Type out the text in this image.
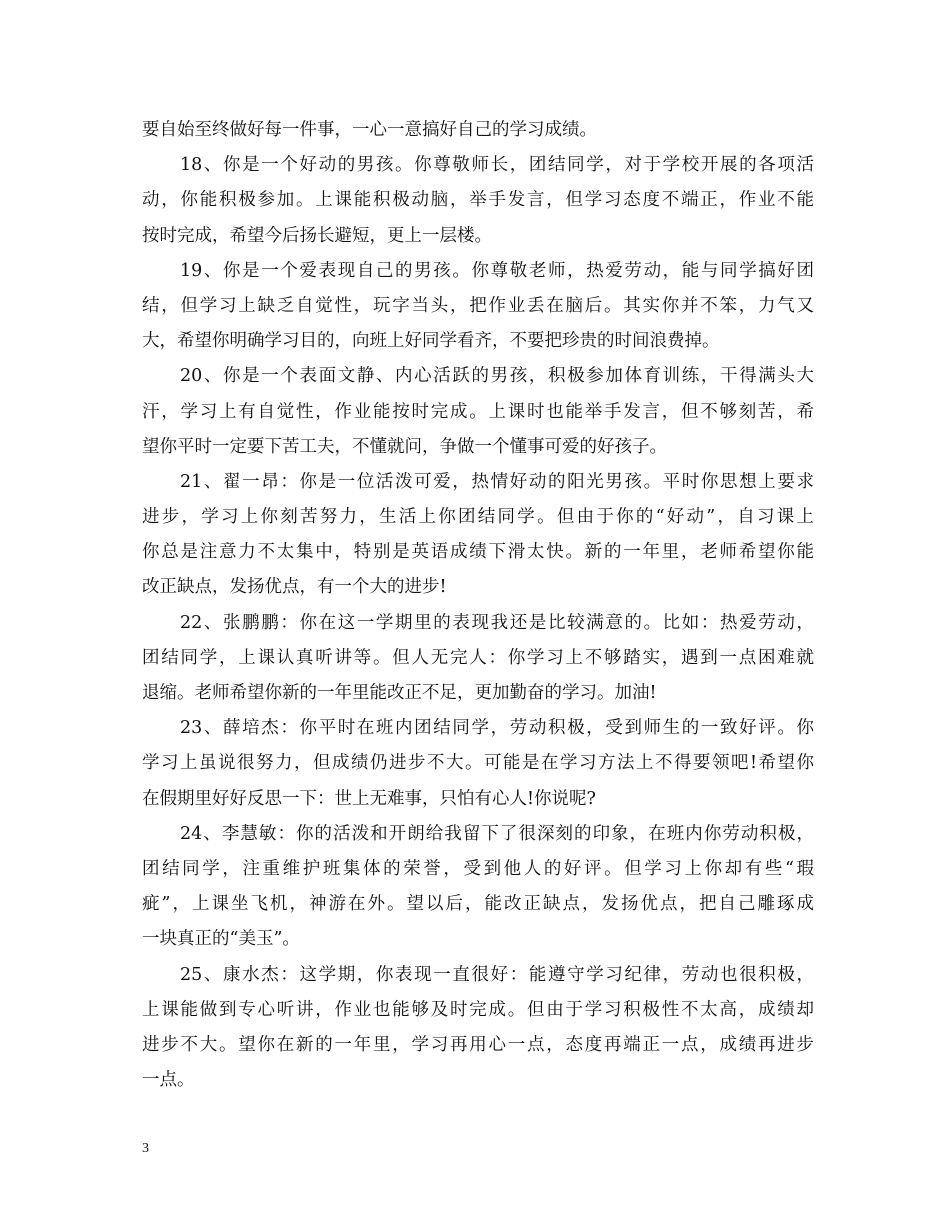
要自始至终做好每一件事，一心一意搞好自己的学习成绩。
18、你是一个好动的男孩。你尊敬师长，团结同学，对于学校开展的各项活
动，你能积极参加。上课能积极动脑，举手发言，但学习态度不端正，作业不能
按时完成，希望今后扬长避短，更上一层楼。
19、你是一个爱表现自己的男孩。你尊敬老师，热爱劳动，能与同学搞好团
结，但学习上缺乏自觉性，玩字当头，把作业丢在脑后。其实你并不笨，力气又
大，希望你明确学习目的，向班上好同学看齐，不要把珍贵的时间浪费掉。
20、你是一个表面文静、内心活跃的男孩，积极参加体育训练，干得满头大
汗，学习上有自觉性，作业能按时完成。上课时也能举手发言，但不够刻苦，希
望你平时一定要下苦工夫，不懂就问，争做一个懂事可爱的好孩子。
21、翟一昂：你是一位活泼可爱，热情好动的阳光男孩。平时你思想上要求
进步，学习上你刻苦努力，生活上你团结同学。但由于你的“好动”，自习课上
你总是注意力不太集中，特别是英语成绩下滑太快。新的一年里，老师希望你能
改正缺点，发扬优点，有一个大的进步!
22、张鹏鹏：你在这一学期里的表现我还是比较满意的。比如：热爱劳动，
团结同学，上课认真听讲等。但人无完人：你学习上不够踏实，遇到一点困难就
退缩。老师希望你新的一年里能改正不足，更加勤奋的学习。加油!
23、薛培杰：你平时在班内团结同学，劳动积极，受到师生的一致好评。你
学习上虽说很努力，但成绩仍进步不大。可能是在学习方法上不得要领吧!希望你
在假期里好好反思一下：世上无难事，只怕有心人!你说呢?
24、李慧敏：你的活泼和开朗给我留下了很深刻的印象，在班内你劳动积极，
团结同学，注重维护班集体的荣誉，受到他人的好评。但学习上你却有些“瑕
疵”，上课坐飞机，神游在外。望以后，能改正缺点，发扬优点，把自己雕琢成
一块真正的“美玉”。
25、康水杰：这学期，你表现一直很好：能遵守学习纪律，劳动也很积极，
上课能做到专心听讲，作业也能够及时完成。但由于学习积极性不太高，成绩却
进步不大。望你在新的一年里，学习再用心一点，态度再端正一点，成绩再进步
一点。
3
